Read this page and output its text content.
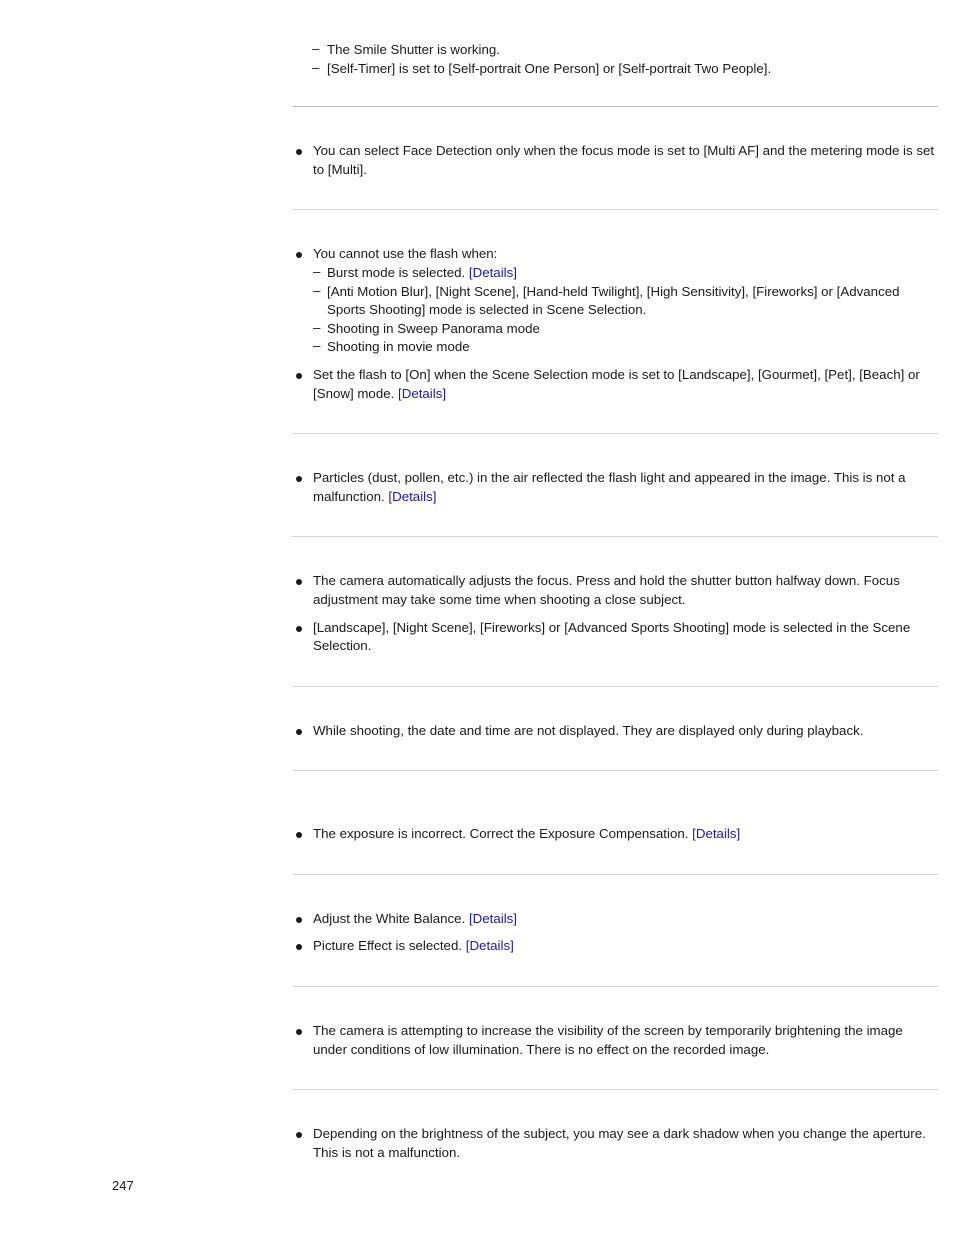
– The Smile Shutter is working.
– [Self-Timer] is set to [Self-portrait One Person] or [Self-portrait Two People].
You can select Face Detection only when the focus mode is set to [Multi AF] and the metering mode is set to [Multi].
You cannot use the flash when:
– Burst mode is selected. [Details]
– [Anti Motion Blur], [Night Scene], [Hand-held Twilight], [High Sensitivity], [Fireworks] or [Advanced Sports Shooting] mode is selected in Scene Selection.
– Shooting in Sweep Panorama mode
– Shooting in movie mode
Set the flash to [On] when the Scene Selection mode is set to [Landscape], [Gourmet], [Pet], [Beach] or [Snow] mode. [Details]
Particles (dust, pollen, etc.) in the air reflected the flash light and appeared in the image. This is not a malfunction. [Details]
The camera automatically adjusts the focus. Press and hold the shutter button halfway down. Focus adjustment may take some time when shooting a close subject.
[Landscape], [Night Scene], [Fireworks] or [Advanced Sports Shooting] mode is selected in the Scene Selection.
While shooting, the date and time are not displayed. They are displayed only during playback.
The exposure is incorrect. Correct the Exposure Compensation. [Details]
Adjust the White Balance. [Details]
Picture Effect is selected. [Details]
The camera is attempting to increase the visibility of the screen by temporarily brightening the image under conditions of low illumination. There is no effect on the recorded image.
Depending on the brightness of the subject, you may see a dark shadow when you change the aperture. This is not a malfunction.
247
